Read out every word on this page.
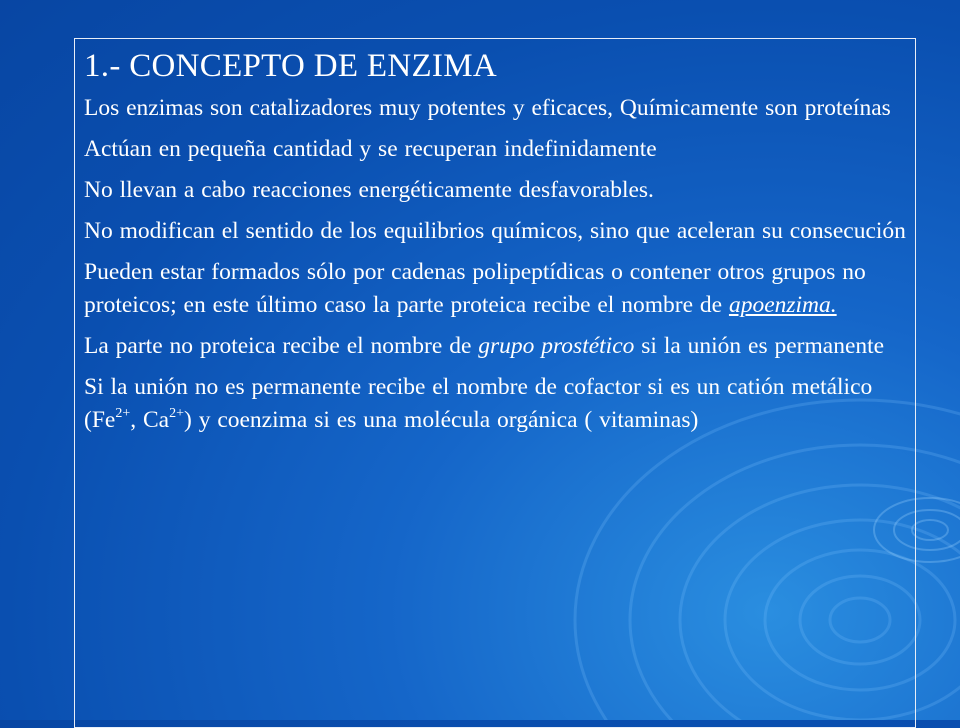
1.- CONCEPTO DE ENZIMA

Los enzimas son catalizadores muy potentes y eficaces, Químicamente son proteínas

Actúan en pequeña cantidad y se recuperan indefinidamente

No llevan a cabo reacciones energéticamente desfavorables.

No modifican el sentido de los equilibrios químicos, sino que aceleran su consecución

Pueden estar formados sólo por cadenas polipeptídicas o contener otros grupos no proteicos; en este último caso la parte proteica recibe el nombre de apoenzima.

La parte no proteica recibe el nombre de grupo prostético si la unión es permanente

Si la unión no es permanente recibe el nombre de cofactor si es un catión metálico ($Fe^{2+}$, $Ca^{2+}$) y coenzima si es una molécula orgánica ( vitaminas)
